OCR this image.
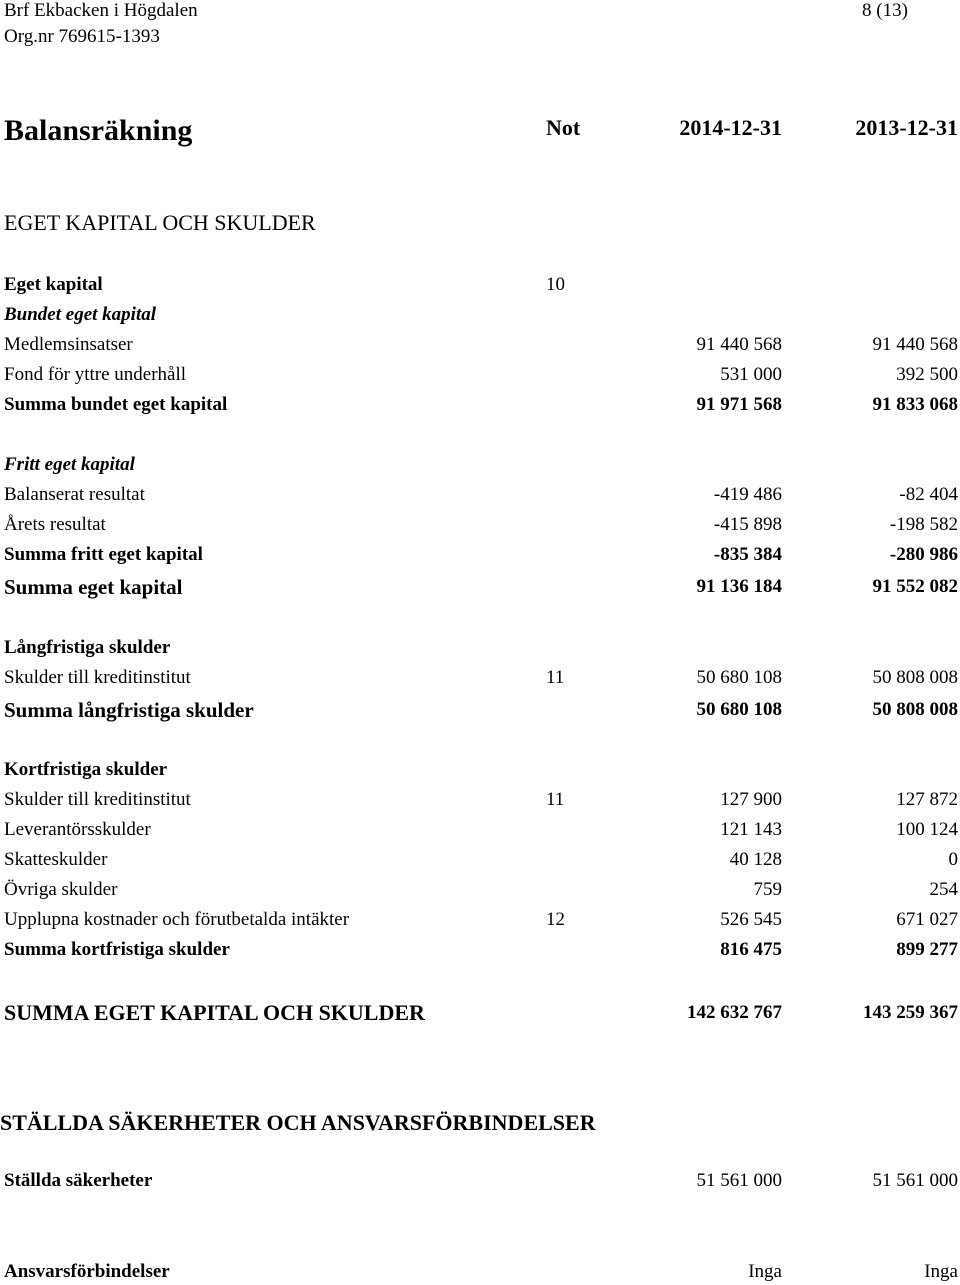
Brf Ekbacken i Högdalen
Org.nr 769615-1393
8 (13)
Balansräkning	Not	2014-12-31	2013-12-31
EGET KAPITAL OCH SKULDER
Eget kapital	10
Bundet eget kapital
Medlemsinsatser	91 440 568	91 440 568
Fond för yttre underhåll	531 000	392 500
Summa bundet eget kapital	91 971 568	91 833 068
Fritt eget kapital
Balanserat resultat	-419 486	-82 404
Årets resultat	-415 898	-198 582
Summa fritt eget kapital	-835 384	-280 986
Summa eget kapital	91 136 184	91 552 082
Långfristiga skulder
Skulder till kreditinstitut	11	50 680 108	50 808 008
Summa långfristiga skulder	50 680 108	50 808 008
Kortfristiga skulder
Skulder till kreditinstitut	11	127 900	127 872
Leverantörsskulder	121 143	100 124
Skatteskulder	40 128	0
Övriga skulder	759	254
Upplupna kostnader och förutbetalda intäkter	12	526 545	671 027
Summa kortfristiga skulder	816 475	899 277
SUMMA EGET KAPITAL OCH SKULDER	142 632 767	143 259 367
STÄLLDA SÄKERHETER OCH ANSVARSFÖRBINDELSER
Ställda säkerheter	51 561 000	51 561 000
Ansvarsförbindelser	Inga	Inga
